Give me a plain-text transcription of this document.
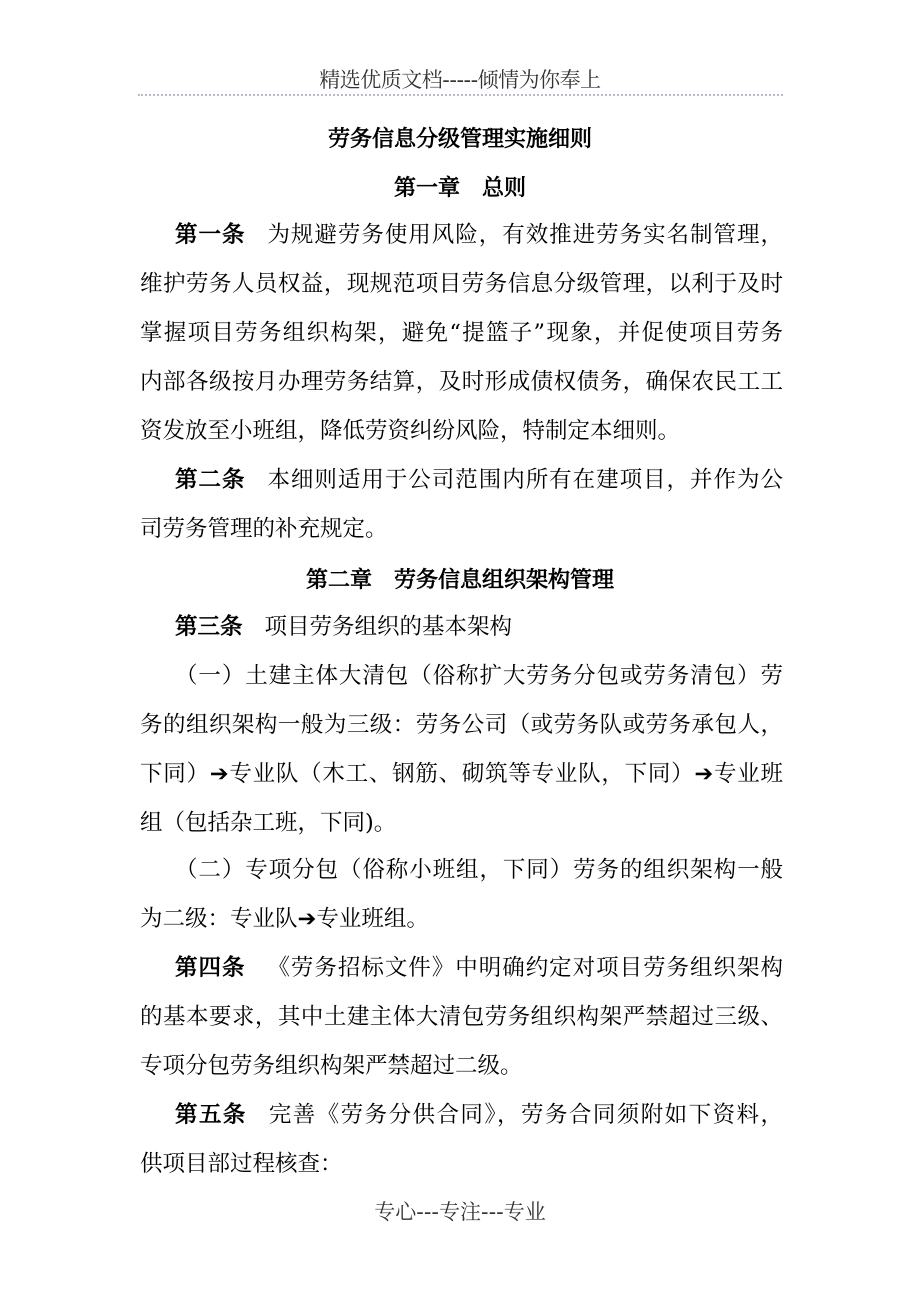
精选优质文档-----倾情为你奉上
劳务信息分级管理实施细则
第一章　总则
第一条 为规避劳务使用风险，有效推进劳务实名制管理，
维护劳务人员权益，现规范项目劳务信息分级管理，以利于及时
掌握项目劳务组织构架，避免“提篮子”现象，并促使项目劳务
内部各级按月办理劳务结算，及时形成债权债务，确保农民工工
资发放至小班组，降低劳资纠纷风险，特制定本细则。
第二条 本细则适用于公司范围内所有在建项目，并作为公
司劳务管理的补充规定。
第二章　劳务信息组织架构管理
第三条 项目劳务组织的基本架构
（一）土建主体大清包（俗称扩大劳务分包或劳务清包）劳
务的组织架构一般为三级：劳务公司（或劳务队或劳务承包人，
下同）➔专业队（木工、钢筋、砌筑等专业队，下同）➔专业班
组（包括杂工班，下同)。
（二）专项分包（俗称小班组，下同）劳务的组织架构一般
为二级：专业队➔专业班组。
第四条 《劳务招标文件》中明确约定对项目劳务组织架构
的基本要求，其中土建主体大清包劳务组织构架严禁超过三级、
专项分包劳务组织构架严禁超过二级。
第五条 完善《劳务分供合同》，劳务合同须附如下资料，
供项目部过程核查：
专心---专注---专业
